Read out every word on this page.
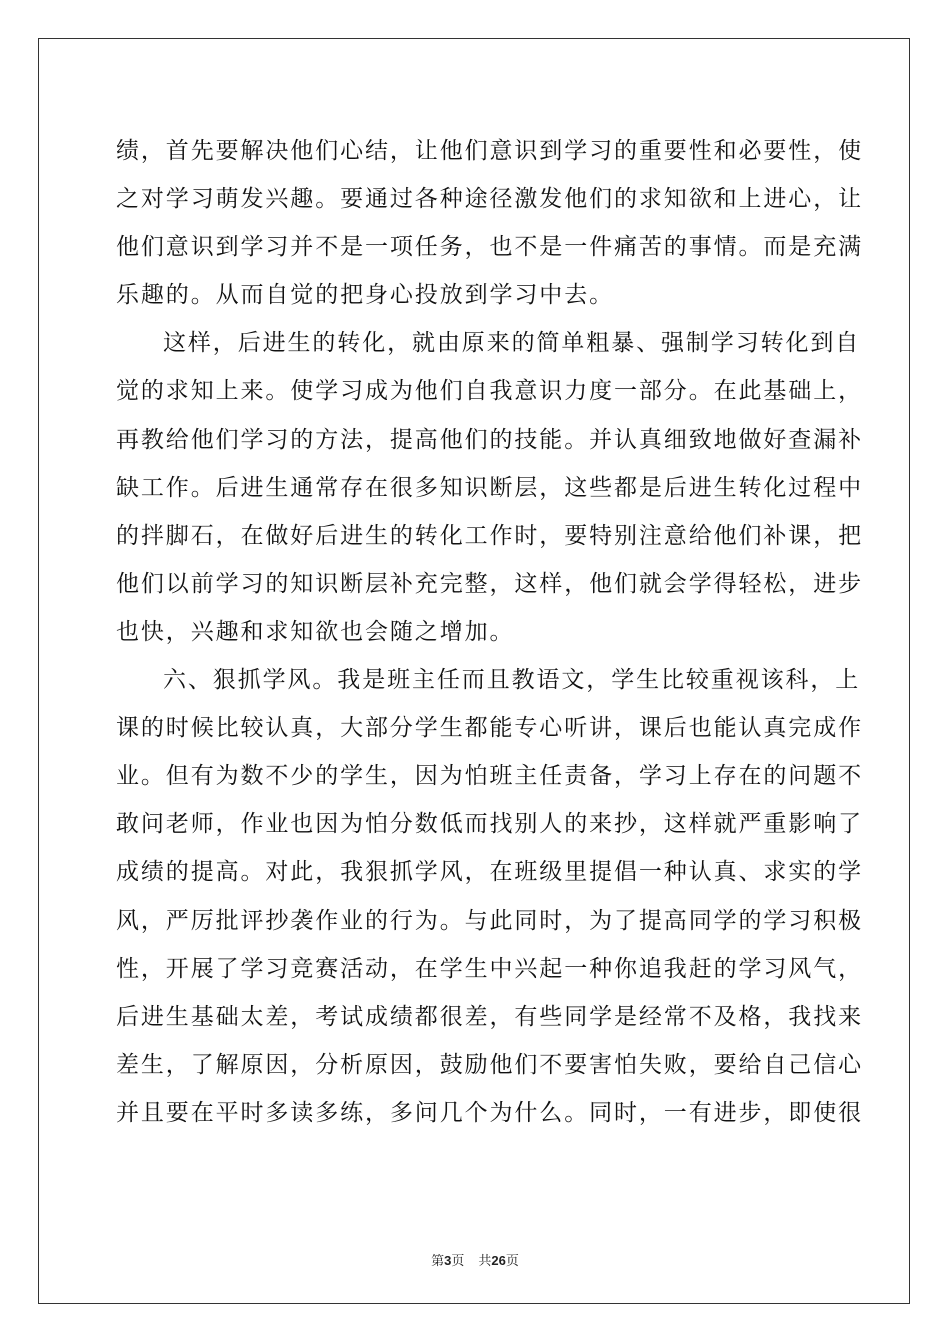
绩，首先要解决他们心结，让他们意识到学习的重要性和必要性，使
之对学习萌发兴趣。要通过各种途径激发他们的求知欲和上进心，让
他们意识到学习并不是一项任务，也不是一件痛苦的事情。而是充满
乐趣的。从而自觉的把身心投放到学习中去。
这样，后进生的转化，就由原来的简单粗暴、强制学习转化到自
觉的求知上来。使学习成为他们自我意识力度一部分。在此基础上，
再教给他们学习的方法，提高他们的技能。并认真细致地做好查漏补
缺工作。后进生通常存在很多知识断层，这些都是后进生转化过程中
的拌脚石，在做好后进生的转化工作时，要特别注意给他们补课，把
他们以前学习的知识断层补充完整，这样，他们就会学得轻松，进步
也快，兴趣和求知欲也会随之增加。
六、狠抓学风。我是班主任而且教语文，学生比较重视该科，上
课的时候比较认真，大部分学生都能专心听讲，课后也能认真完成作
业。但有为数不少的学生，因为怕班主任责备，学习上存在的问题不
敢问老师，作业也因为怕分数低而找别人的来抄，这样就严重影响了
成绩的提高。对此，我狠抓学风，在班级里提倡一种认真、求实的学
风，严厉批评抄袭作业的行为。与此同时，为了提高同学的学习积极
性，开展了学习竞赛活动，在学生中兴起一种你追我赶的学习风气，
后进生基础太差，考试成绩都很差，有些同学是经常不及格，我找来
差生，了解原因，分析原因，鼓励他们不要害怕失败，要给自己信心
并且要在平时多读多练，多问几个为什么。同时，一有进步，即使很
第3页 共26页
